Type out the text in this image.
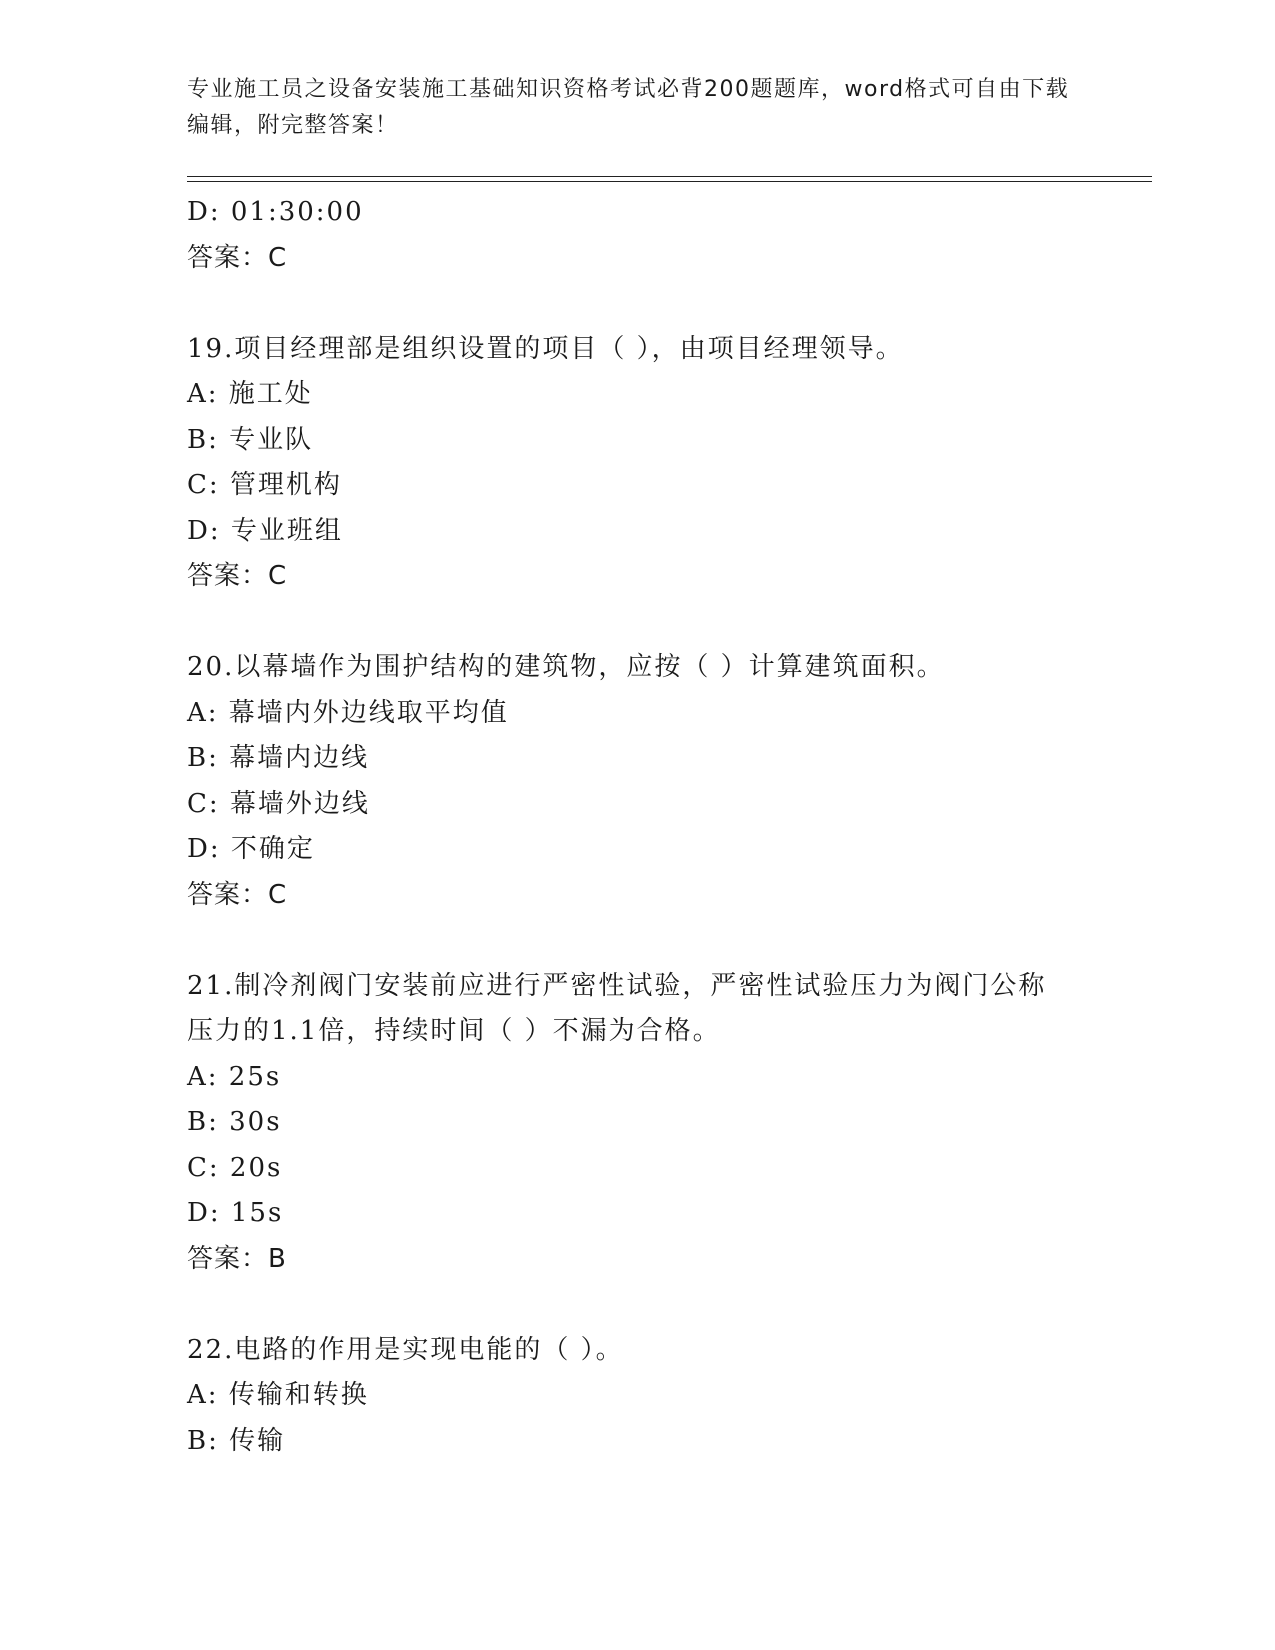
专业施工员之设备安装施工基础知识资格考试必背200题题库，word格式可自由下载编辑，附完整答案！
D: 01:30:00
答案：C
19.项目经理部是组织设置的项目（ ），由项目经理领导。
A: 施工处
B: 专业队
C: 管理机构
D: 专业班组
答案：C
20.以幕墙作为围护结构的建筑物，应按（ ）计算建筑面积。
A: 幕墙内外边线取平均值
B: 幕墙内边线
C: 幕墙外边线
D: 不确定
答案：C
21.制冷剂阀门安装前应进行严密性试验，严密性试验压力为阀门公称
压力的1.1倍，持续时间（ ）不漏为合格。
A: 25s
B: 30s
C: 20s
D: 15s
答案：B
22.电路的作用是实现电能的（ ）。
A: 传输和转换
B: 传输
